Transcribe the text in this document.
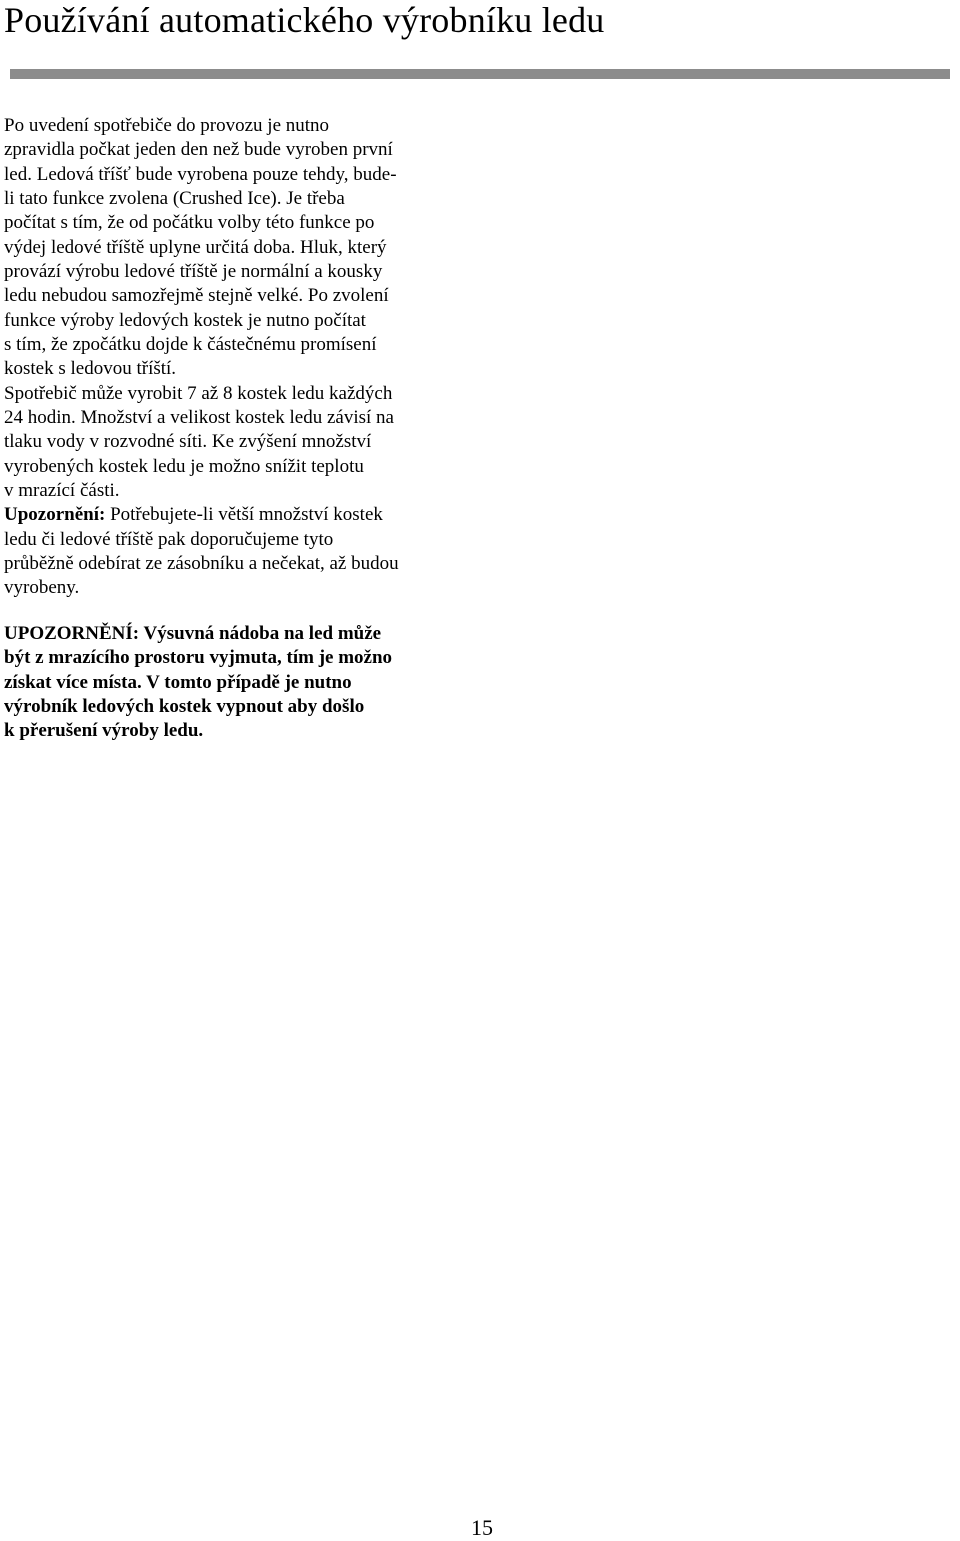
Používání automatického výrobníku ledu
Po uvedení spotřebiče do provozu je nutno
zpravidla počkat jeden den než bude vyroben první
led. Ledová tříšť bude vyrobena pouze tehdy, bude-
li tato funkce zvolena (Crushed Ice). Je třeba
počítat s tím, že od počátku volby této funkce po
výdej ledové tříště uplyne určitá doba. Hluk, který
provází výrobu ledové tříště je normální a kousky
ledu nebudou samozřejmě stejně velké. Po zvolení
funkce výroby ledových kostek je nutno počítat
s tím, že zpočátku dojde k částečnému promísení
kostek s ledovou tříští.
Spotřebič může vyrobit 7 až 8 kostek ledu každých
24 hodin. Množství a velikost kostek ledu závisí na
tlaku vody v rozvodné síti. Ke zvýšení množství
vyrobených kostek ledu je možno snížit teplotu
v mrazící části.
Upozornění: Potřebujete-li větší množství kostek
ledu či ledové tříště pak doporučujeme tyto
průběžně odebírat ze zásobníku a nečekat, až budou
vyrobeny.
UPOZORNĚNÍ: Výsuvná nádoba na led může
být z mrazícího prostoru vyjmuta, tím je možno
získat více místa. V tomto případě je nutno
výrobník ledových kostek vypnout aby došlo
k přerušení výroby ledu.
15
